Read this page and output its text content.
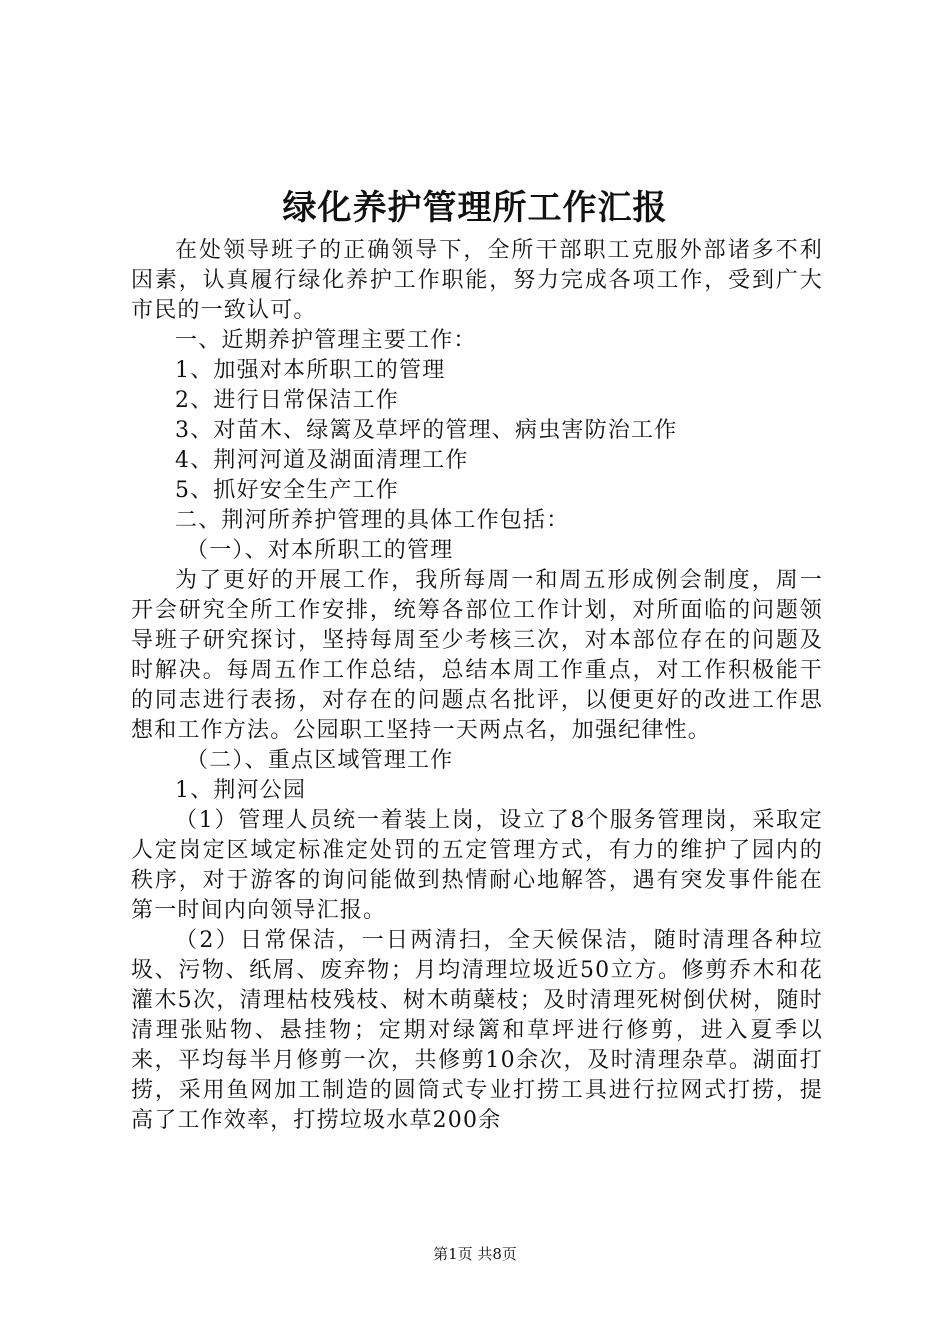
绿化养护管理所工作汇报

在处领导班子的正确领导下，全所干部职工克服外部诸多不利因素，认真履行绿化养护工作职能，努力完成各项工作，受到广大市民的一致认可。

一、近期养护管理主要工作：

1、加强对本所职工的管理

2、进行日常保洁工作

3、对苗木、绿篱及草坪的管理、病虫害防治工作

4、荆河河道及湖面清理工作

5、抓好安全生产工作

二、荆河所养护管理的具体工作包括：

（一）、对本所职工的管理

为了更好的开展工作，我所每周一和周五形成例会制度，周一开会研究全所工作安排，统筹各部位工作计划，对所面临的问题领导班子研究探讨，坚持每周至少考核三次，对本部位存在的问题及时解决。每周五作工作总结，总结本周工作重点，对工作积极能干的同志进行表扬，对存在的问题点名批评，以便更好的改进工作思想和工作方法。公园职工坚持一天两点名，加强纪律性。

（二）、重点区域管理工作

1、荆河公园

（1）管理人员统一着装上岗，设立了8个服务管理岗，采取定人定岗定区域定标准定处罚的五定管理方式，有力的维护了园内的秩序，对于游客的询问能做到热情耐心地解答，遇有突发事件能在第一时间内向领导汇报。

（2）日常保洁，一日两清扫，全天候保洁，随时清理各种垃圾、污物、纸屑、废弃物；月均清理垃圾近50立方。修剪乔木和花灌木5次，清理枯枝残枝、树木萌蘖枝；及时清理死树倒伏树，随时清理张贴物、悬挂物；定期对绿篱和草坪进行修剪，进入夏季以来，平均每半月修剪一次，共修剪10余次，及时清理杂草。湖面打捞，采用鱼网加工制造的圆筒式专业打捞工具进行拉网式打捞，提高了工作效率，打捞垃圾水草200余

第1页 共8页
